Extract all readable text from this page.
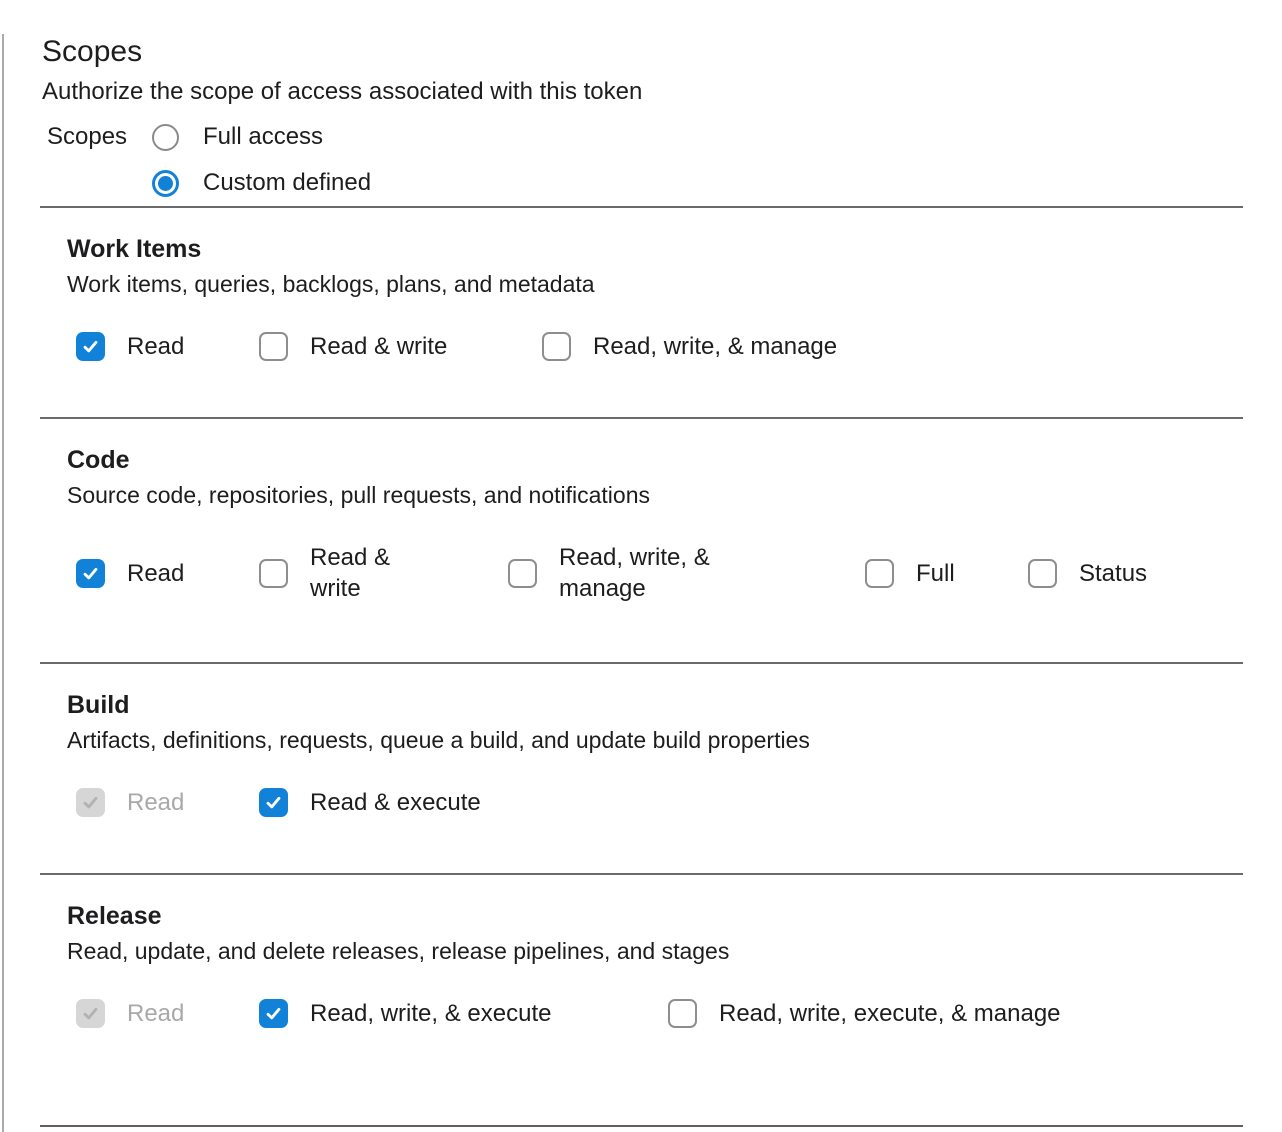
Scopes
Authorize the scope of access associated with this token
Scopes	Full access
Custom defined
Work Items

Work items, queries, backlogs, plans, and metadata

Read	Read & write	Read, write, & manage
Code

Source code, repositories, pull requests, and notifications

Read
Read & write
Read, write, & manage
Full	Status
Build

Artifacts, definitions, requests, queue a build, and update build properties

Read	Read & execute
Release

Read, update, and delete releases, release pipelines, and stages

Read	Read, write, & execute	Read, write, execute, & manage
